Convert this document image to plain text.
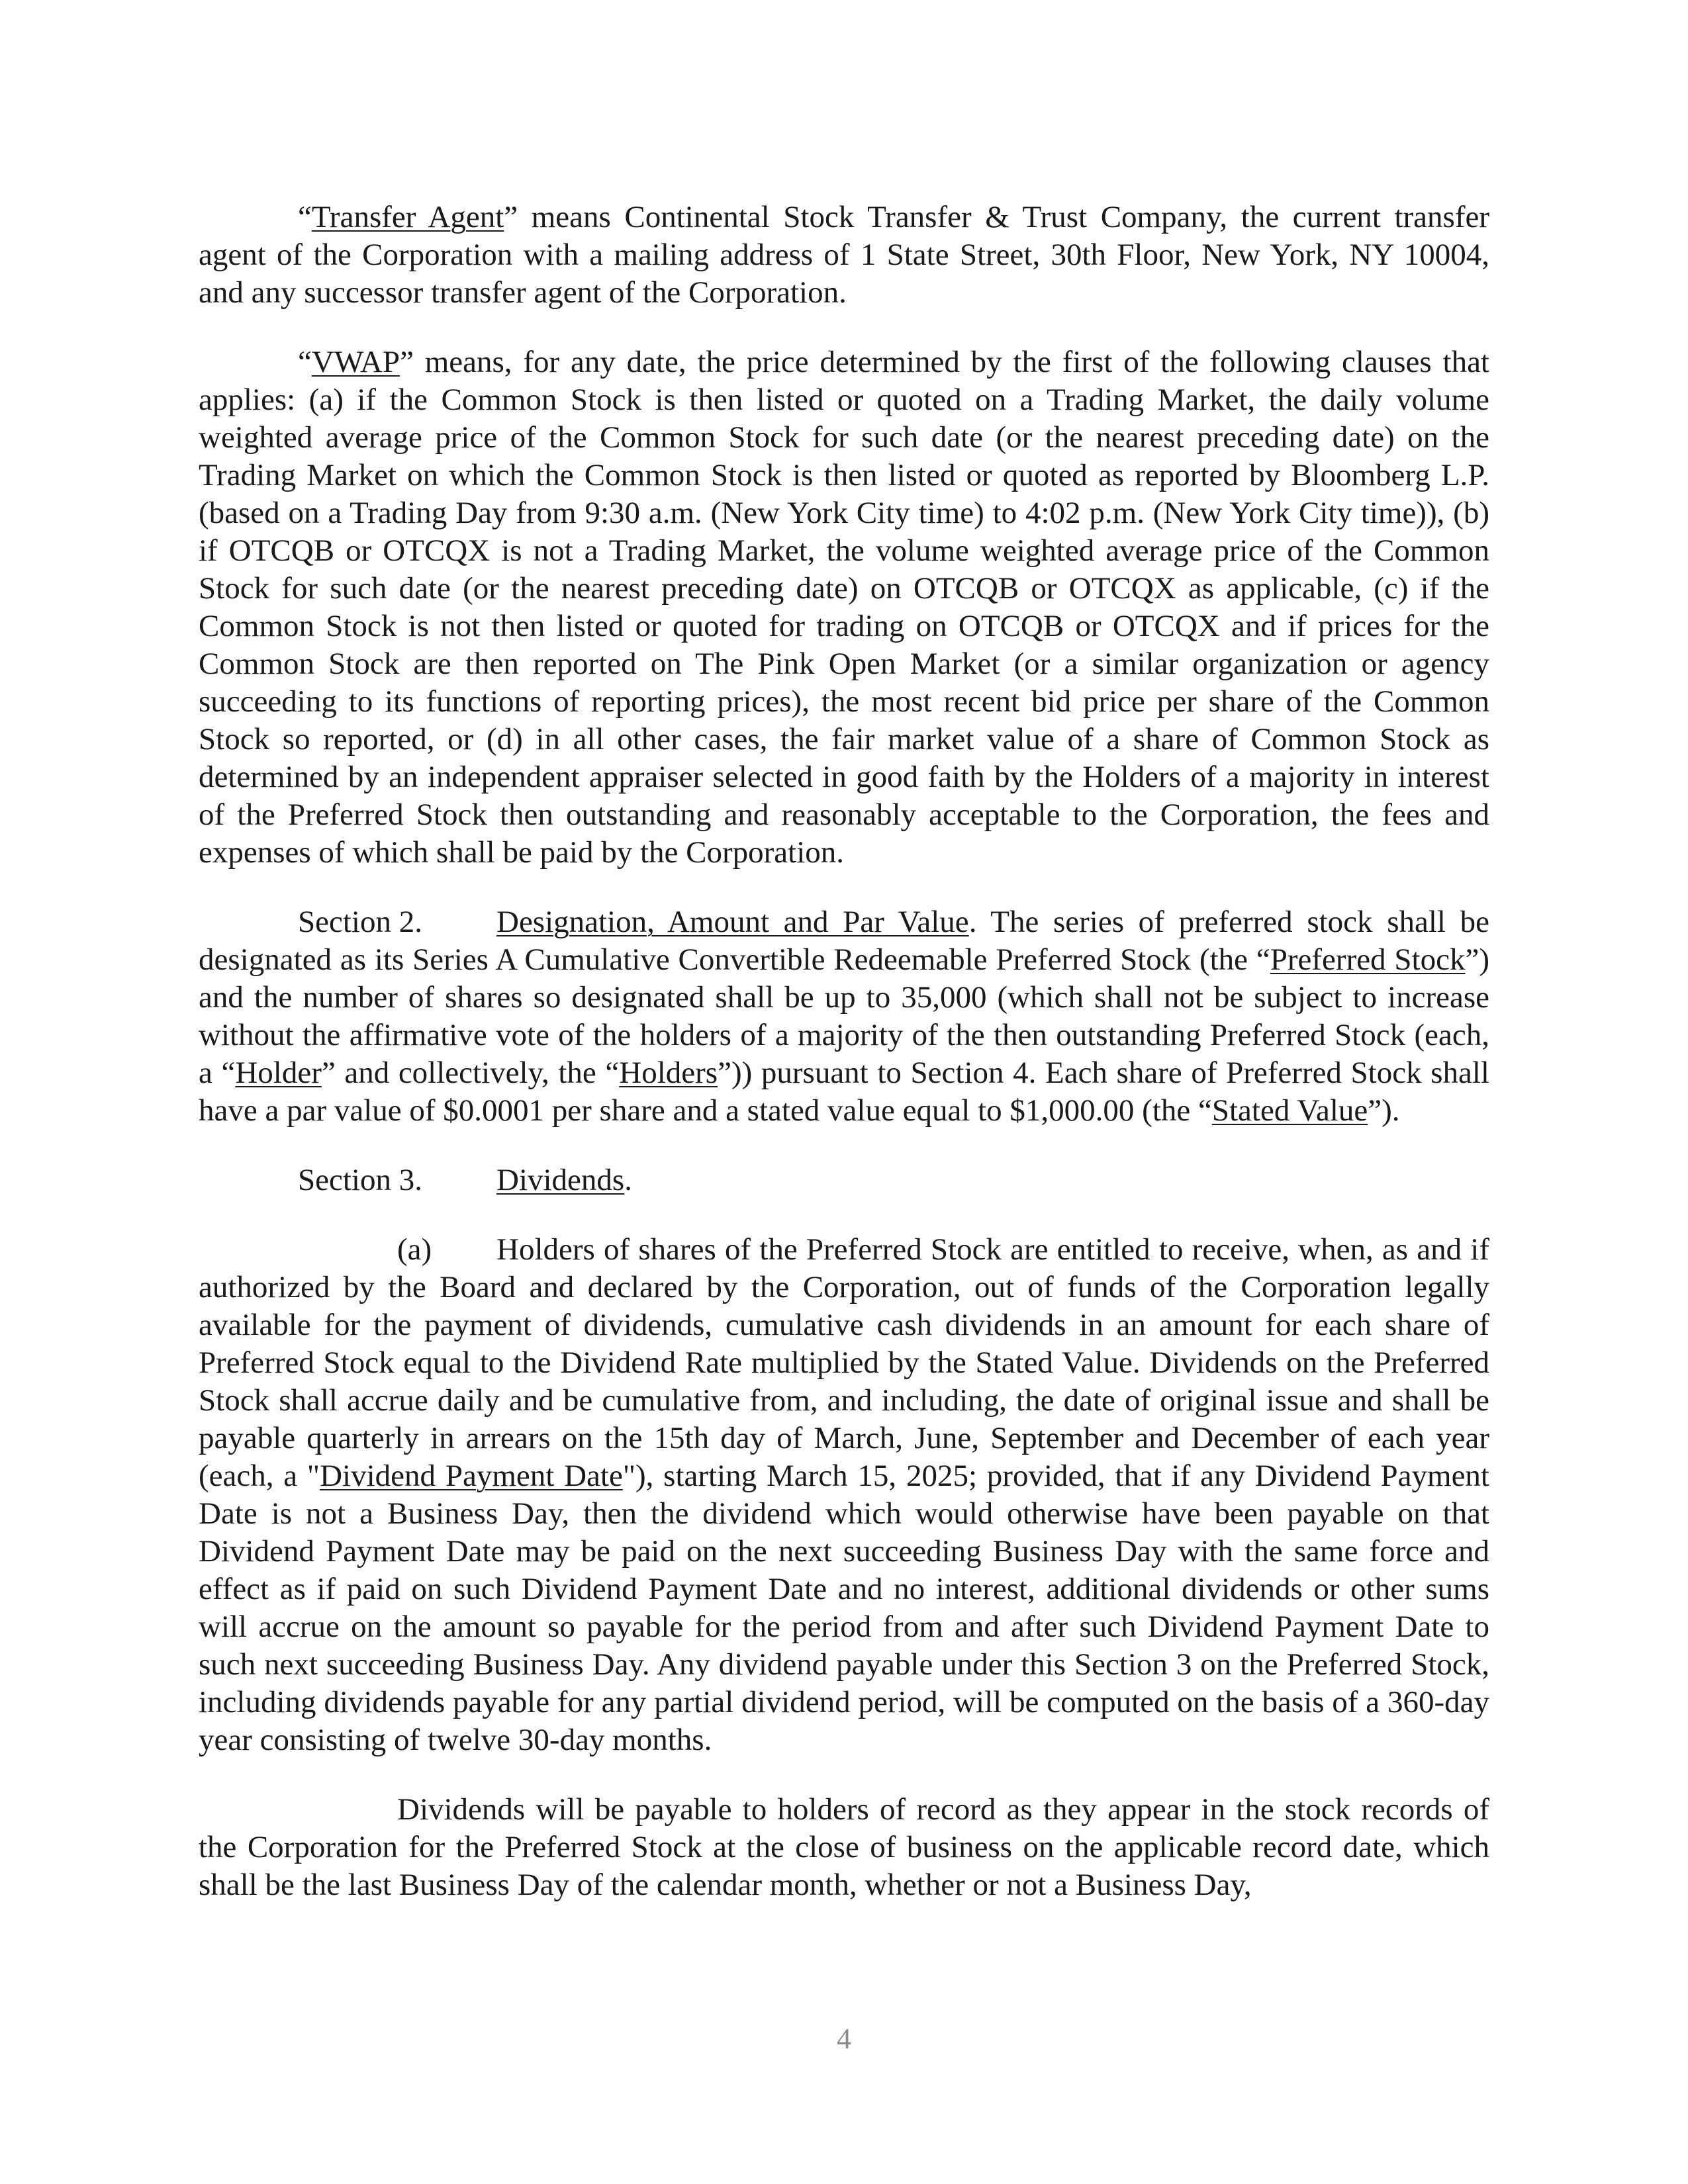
“Transfer Agent” means Continental Stock Transfer & Trust Company, the current transfer agent of the Corporation with a mailing address of 1 State Street, 30th Floor, New York, NY 10004, and any successor transfer agent of the Corporation.

“VWAP” means, for any date, the price determined by the first of the following clauses that applies: (a) if the Common Stock is then listed or quoted on a Trading Market, the daily volume weighted average price of the Common Stock for such date (or the nearest preceding date) on the Trading Market on which the Common Stock is then listed or quoted as reported by Bloomberg L.P. (based on a Trading Day from 9:30 a.m. (New York City time) to 4:02 p.m. (New York City time)), (b) if OTCQB or OTCQX is not a Trading Market, the volume weighted average price of the Common Stock for such date (or the nearest preceding date) on OTCQB or OTCQX as applicable, (c) if the Common Stock is not then listed or quoted for trading on OTCQB or OTCQX and if prices for the Common Stock are then reported on The Pink Open Market (or a similar organization or agency succeeding to its functions of reporting prices), the most recent bid price per share of the Common Stock so reported, or (d) in all other cases, the fair market value of a share of Common Stock as determined by an independent appraiser selected in good faith by the Holders of a majority in interest of the Preferred Stock then outstanding and reasonably acceptable to the Corporation, the fees and expenses of which shall be paid by the Corporation.

Section 2. Designation, Amount and Par Value. The series of preferred stock shall be designated as its Series A Cumulative Convertible Redeemable Preferred Stock (the “Preferred Stock”) and the number of shares so designated shall be up to 35,000 (which shall not be subject to increase without the affirmative vote of the holders of a majority of the then outstanding Preferred Stock (each, a “Holder” and collectively, the “Holders”)) pursuant to Section 4. Each share of Preferred Stock shall have a par value of $0.0001 per share and a stated value equal to $1,000.00 (the “Stated Value”).

Section 3. Dividends.

(a) Holders of shares of the Preferred Stock are entitled to receive, when, as and if authorized by the Board and declared by the Corporation, out of funds of the Corporation legally available for the payment of dividends, cumulative cash dividends in an amount for each share of Preferred Stock equal to the Dividend Rate multiplied by the Stated Value. Dividends on the Preferred Stock shall accrue daily and be cumulative from, and including, the date of original issue and shall be payable quarterly in arrears on the 15th day of March, June, September and December of each year (each, a "Dividend Payment Date"), starting March 15, 2025; provided, that if any Dividend Payment Date is not a Business Day, then the dividend which would otherwise have been payable on that Dividend Payment Date may be paid on the next succeeding Business Day with the same force and effect as if paid on such Dividend Payment Date and no interest, additional dividends or other sums will accrue on the amount so payable for the period from and after such Dividend Payment Date to such next succeeding Business Day. Any dividend payable under this Section 3 on the Preferred Stock, including dividends payable for any partial dividend period, will be computed on the basis of a 360-day year consisting of twelve 30-day months.

Dividends will be payable to holders of record as they appear in the stock records of the Corporation for the Preferred Stock at the close of business on the applicable record date, which shall be the last Business Day of the calendar month, whether or not a Business Day,

4
